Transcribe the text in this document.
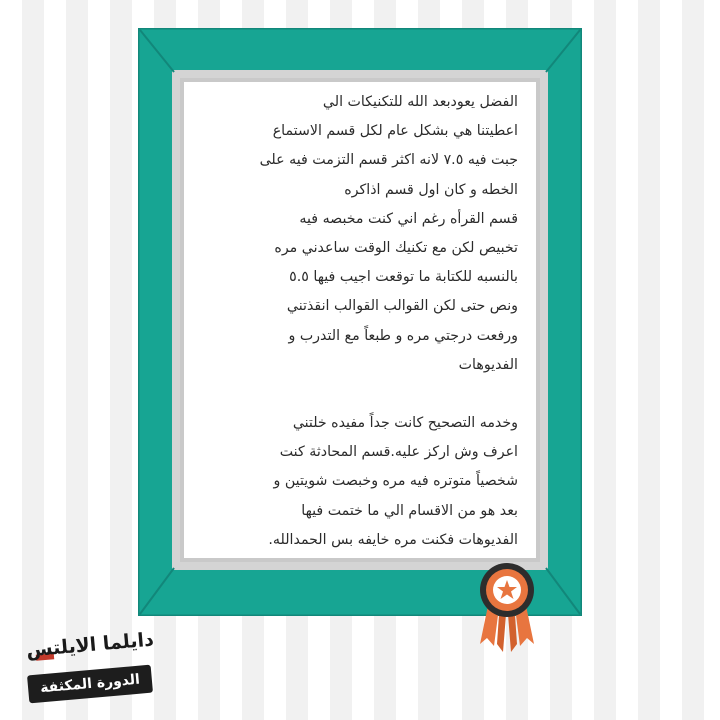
الفضل يعودبعد الله للتكنيكات الي
اعطيتنا هي بشكل عام لكل قسم الاستماع
جبت فيه ٧.٥ لانه اكثر قسم التزمت فيه على
الخطه و كان اول قسم اذاكره
قسم القرأه رغم اني كنت مخبصه فيه
تخبيص لكن مع تكنيك الوقت ساعدني مره
بالنسبه للكتابة ما توقعت اجيب فيها ٥.٥
ونص حتى لكن القوالب القوالب انقذتني
ورفعت درجتي مره و طبعاً مع التدرب و
الفديوهات
وخدمه التصحيح كانت جداً مفيده خلتني
اعرف وش اركز عليه.قسم المحادثة كنت
شخصياً متوتره فيه مره وخبصت شويتين و
بعد هو من الاقسام الي ما ختمت فيها
الفديوهات فكنت مره خايفه بس الحمدالله.
دايلما الايلتس
الدورة المكثفة
